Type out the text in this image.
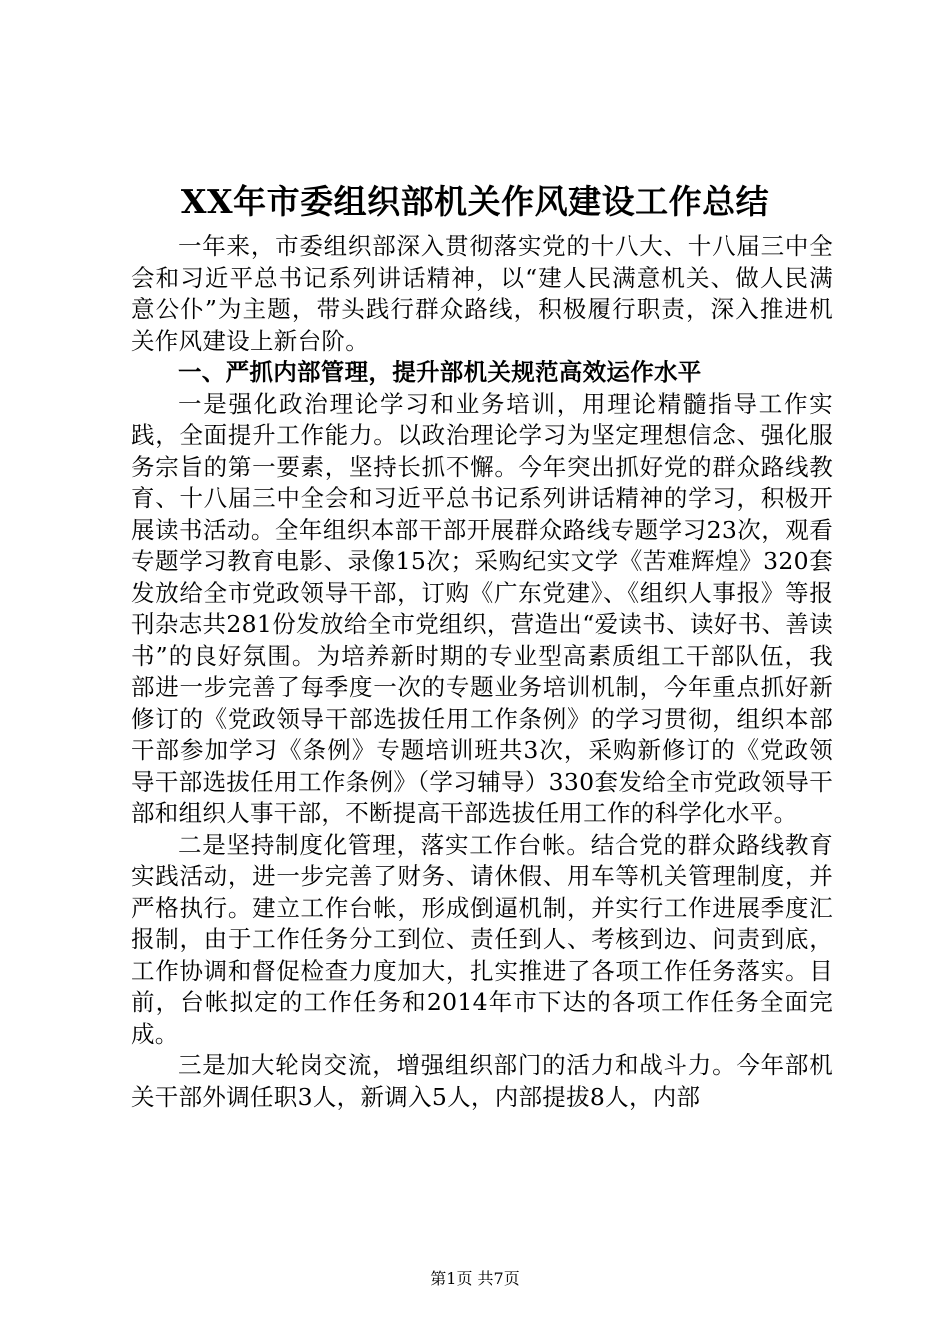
XX年市委组织部机关作风建设工作总结

一年来，市委组织部深入贯彻落实党的十八大、十八届三中全会和习近平总书记系列讲话精神，以“建人民满意机关、做人民满意公仆”为主题，带头践行群众路线，积极履行职责，深入推进机关作风建设上新台阶。

一、严抓内部管理，提升部机关规范高效运作水平

一是强化政治理论学习和业务培训，用理论精髓指导工作实践，全面提升工作能力。以政治理论学习为坚定理想信念、强化服务宗旨的第一要素，坚持长抓不懈。今年突出抓好党的群众路线教育、十八届三中全会和习近平总书记系列讲话精神的学习，积极开展读书活动。全年组织本部干部开展群众路线专题学习23次，观看专题学习教育电影、录像15次；采购纪实文学《苦难辉煌》320套发放给全市党政领导干部，订购《广东党建》、《组织人事报》等报刊杂志共281份发放给全市党组织，营造出“爱读书、读好书、善读书”的良好氛围。为培养新时期的专业型高素质组工干部队伍，我部进一步完善了每季度一次的专题业务培训机制，今年重点抓好新修订的《党政领导干部选拔任用工作条例》的学习贯彻，组织本部干部参加学习《条例》专题培训班共3次，采购新修订的《党政领导干部选拔任用工作条例》（学习辅导）330套发给全市党政领导干部和组织人事干部，不断提高干部选拔任用工作的科学化水平。

二是坚持制度化管理，落实工作台帐。结合党的群众路线教育实践活动，进一步完善了财务、请休假、用车等机关管理制度，并严格执行。建立工作台帐，形成倒逼机制，并实行工作进展季度汇报制，由于工作任务分工到位、责任到人、考核到边、问责到底，工作协调和督促检查力度加大，扎实推进了各项工作任务落实。目前，台帐拟定的工作任务和2014年市下达的各项工作任务全面完成。

三是加大轮岗交流，增强组织部门的活力和战斗力。今年部机关干部外调任职3人，新调入5人，内部提拔8人，内部

第1页 共7页
